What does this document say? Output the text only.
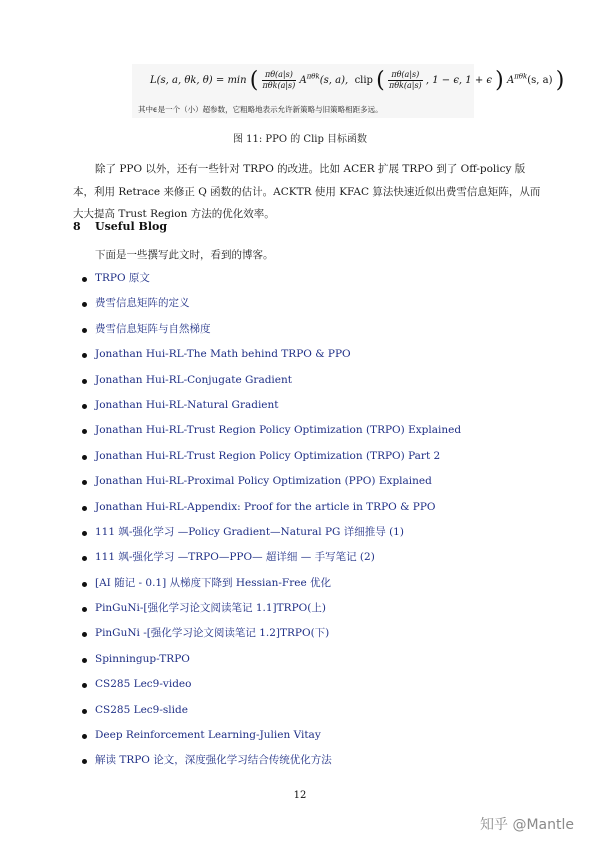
L(s, a, θk, θ) = min ( $\frac{\pi\theta(a|s)}{\text{πθk(a|s)}} A^{\pi\theta k}(s$, a), clip ( $\frac{\pi\theta(a|s)}{\text{πθk(a|s)}}$ , 1 − ϵ, 1 + ϵ ) $A^{\pi\theta k}(s$, a) )
其中ϵ是一个（小）超参数，它粗略地表示允许新策略与旧策略相距多远。
图 11: PPO 的 Clip 目标函数
除了 PPO 以外，还有一些针对 TRPO 的改进。比如 ACER 扩展 TRPO 到了 Off-policy 版本，利用 Retrace 来修正 Q 函数的估计。ACKTR 使用 KFAC 算法快速近似出费雪信息矩阵，从而大大提高 Trust Region 方法的优化效率。
8 Useful Blog
下面是一些撰写此文时，看到的博客。
TRPO 原文
费雪信息矩阵的定义
费雪信息矩阵与自然梯度
Jonathan Hui-RL-The Math behind TRPO & PPO
Jonathan Hui-RL-Conjugate Gradient
Jonathan Hui-RL-Natural Gradient
Jonathan Hui-RL-Trust Region Policy Optimization (TRPO) Explained
Jonathan Hui-RL-Trust Region Policy Optimization (TRPO) Part 2
Jonathan Hui-RL-Proximal Policy Optimization (PPO) Explained
Jonathan Hui-RL-Appendix: Proof for the article in TRPO & PPO
111 飒-强化学习 —Policy Gradient—Natural PG 详细推导 (1)
111 飒-强化学习 —TRPO—PPO— 超详细 — 手写笔记 (2)
[AI 随记 - 0.1] 从梯度下降到 Hessian-Free 优化
PinGuNi-[强化学习论文阅读笔记 1.1]TRPO(上)
PinGuNi -[强化学习论文阅读笔记 1.2]TRPO(下)
Spinningup-TRPO
CS285 Lec9-video
CS285 Lec9-slide
Deep Reinforcement Learning-Julien Vitay
解读 TRPO 论文，深度强化学习结合传统优化方法
12
知乎 @Mantle
